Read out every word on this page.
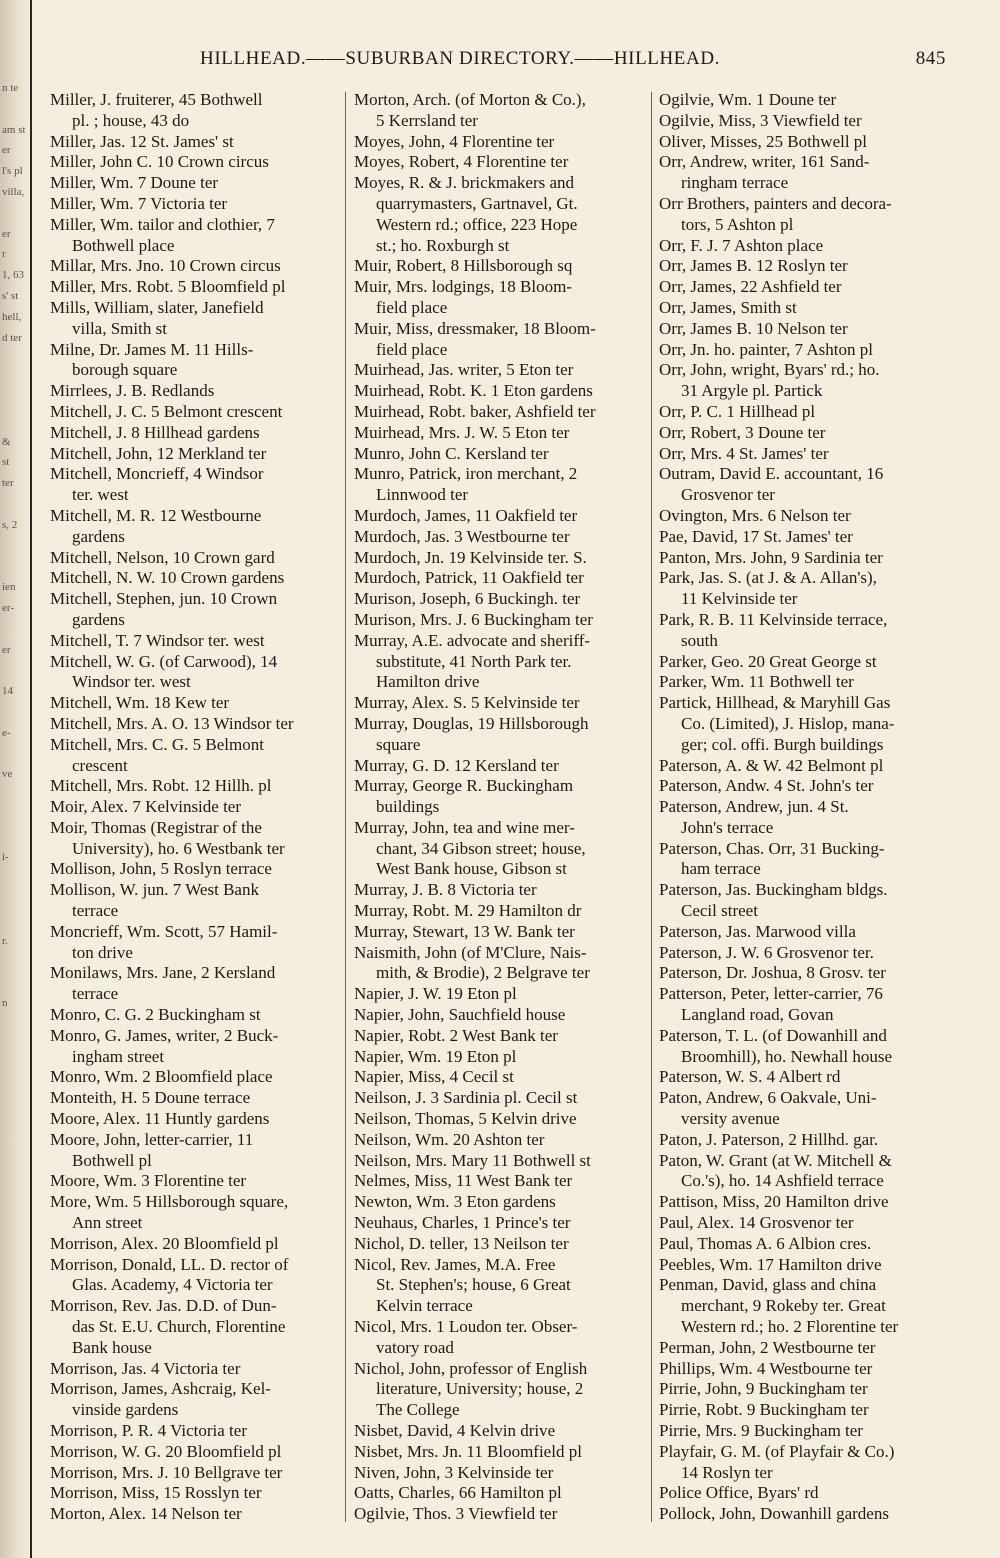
n te
am st
er
l's pl
villa,
er
r
1, 63
s' st
hell,
d ter
&
st
ter
s, 2
ien
er-
er
14
e-
ve
i-
r.
n
HILLHEAD.——SUBURBAN DIRECTORY.——HILLHEAD.	845
Miller, J. fruiterer, 45 Bothwell
pl. ; house, 43 do
Miller, Jas. 12 St. James' st
Miller, John C. 10 Crown circus
Miller, Wm. 7 Doune ter
Miller, Wm. 7 Victoria ter
Miller, Wm. tailor and clothier, 7
Bothwell place
Millar, Mrs. Jno. 10 Crown circus
Miller, Mrs. Robt. 5 Bloomfield pl
Mills, William, slater, Janefield
villa, Smith st
Milne, Dr. James M. 11 Hills-
borough square
Mirrlees, J. B. Redlands
Mitchell, J. C. 5 Belmont crescent
Mitchell, J. 8 Hillhead gardens
Mitchell, John, 12 Merkland ter
Mitchell, Moncrieff, 4 Windsor
ter. west
Mitchell, M. R. 12 Westbourne
gardens
Mitchell, Nelson, 10 Crown gard
Mitchell, N. W. 10 Crown gardens
Mitchell, Stephen, jun. 10 Crown
gardens
Mitchell, T. 7 Windsor ter. west
Mitchell, W. G. (of Carwood), 14
Windsor ter. west
Mitchell, Wm. 18 Kew ter
Mitchell, Mrs. A. O. 13 Windsor ter
Mitchell, Mrs. C. G. 5 Belmont
crescent
Mitchell, Mrs. Robt. 12 Hillh. pl
Moir, Alex. 7 Kelvinside ter
Moir, Thomas (Registrar of the
University), ho. 6 Westbank ter
Mollison, John, 5 Roslyn terrace
Mollison, W. jun. 7 West Bank
terrace
Moncrieff, Wm. Scott, 57 Hamil-
ton drive
Monilaws, Mrs. Jane, 2 Kersland
terrace
Monro, C. G. 2 Buckingham st
Monro, G. James, writer, 2 Buck-
ingham street
Monro, Wm. 2 Bloomfield place
Monteith, H. 5 Doune terrace
Moore, Alex. 11 Huntly gardens
Moore, John, letter-carrier, 11
Bothwell pl
Moore, Wm. 3 Florentine ter
More, Wm. 5 Hillsborough square,
Ann street
Morrison, Alex. 20 Bloomfield pl
Morrison, Donald, LL. D. rector of
Glas. Academy, 4 Victoria ter
Morrison, Rev. Jas. D.D. of Dun-
das St. E.U. Church, Florentine
Bank house
Morrison, Jas. 4 Victoria ter
Morrison, James, Ashcraig, Kel-
vinside gardens
Morrison, P. R. 4 Victoria ter
Morrison, W. G. 20 Bloomfield pl
Morrison, Mrs. J. 10 Bellgrave ter
Morrison, Miss, 15 Rosslyn ter
Morton, Alex. 14 Nelson ter
Morton, Arch. (of Morton & Co.),
5 Kerrsland ter
Moyes, John, 4 Florentine ter
Moyes, Robert, 4 Florentine ter
Moyes, R. & J. brickmakers and
quarrymasters, Gartnavel, Gt.
Western rd.; office, 223 Hope
st.; ho. Roxburgh st
Muir, Robert, 8 Hillsborough sq
Muir, Mrs. lodgings, 18 Bloom-
field place
Muir, Miss, dressmaker, 18 Bloom-
field place
Muirhead, Jas. writer, 5 Eton ter
Muirhead, Robt. K. 1 Eton gardens
Muirhead, Robt. baker, Ashfield ter
Muirhead, Mrs. J. W. 5 Eton ter
Munro, John C. Kersland ter
Munro, Patrick, iron merchant, 2
Linnwood ter
Murdoch, James, 11 Oakfield ter
Murdoch, Jas. 3 Westbourne ter
Murdoch, Jn. 19 Kelvinside ter. S.
Murdoch, Patrick, 11 Oakfield ter
Murison, Joseph, 6 Buckingh. ter
Murison, Mrs. J. 6 Buckingham ter
Murray, A.E. advocate and sheriff-
substitute, 41 North Park ter.
Hamilton drive
Murray, Alex. S. 5 Kelvinside ter
Murray, Douglas, 19 Hillsborough
square
Murray, G. D. 12 Kersland ter
Murray, George R. Buckingham
buildings
Murray, John, tea and wine mer-
chant, 34 Gibson street; house,
West Bank house, Gibson st
Murray, J. B. 8 Victoria ter
Murray, Robt. M. 29 Hamilton dr
Murray, Stewart, 13 W. Bank ter
Naismith, John (of M'Clure, Nais-
mith, & Brodie), 2 Belgrave ter
Napier, J. W. 19 Eton pl
Napier, John, Sauchfield house
Napier, Robt. 2 West Bank ter
Napier, Wm. 19 Eton pl
Napier, Miss, 4 Cecil st
Neilson, J. 3 Sardinia pl. Cecil st
Neilson, Thomas, 5 Kelvin drive
Neilson, Wm. 20 Ashton ter
Neilson, Mrs. Mary 11 Bothwell st
Nelmes, Miss, 11 West Bank ter
Newton, Wm. 3 Eton gardens
Neuhaus, Charles, 1 Prince's ter
Nichol, D. teller, 13 Neilson ter
Nicol, Rev. James, M.A. Free
St. Stephen's; house, 6 Great
Kelvin terrace
Nicol, Mrs. 1 Loudon ter. Obser-
vatory road
Nichol, John, professor of English
literature, University; house, 2
The College
Nisbet, David, 4 Kelvin drive
Nisbet, Mrs. Jn. 11 Bloomfield pl
Niven, John, 3 Kelvinside ter
Oatts, Charles, 66 Hamilton pl
Ogilvie, Thos. 3 Viewfield ter
Ogilvie, Wm. 1 Doune ter
Ogilvie, Miss, 3 Viewfield ter
Oliver, Misses, 25 Bothwell pl
Orr, Andrew, writer, 161 Sand-
ringham terrace
Orr Brothers, painters and decora-
tors, 5 Ashton pl
Orr, F. J. 7 Ashton place
Orr, James B. 12 Roslyn ter
Orr, James, 22 Ashfield ter
Orr, James, Smith st
Orr, James B. 10 Nelson ter
Orr, Jn. ho. painter, 7 Ashton pl
Orr, John, wright, Byars' rd.; ho.
31 Argyle pl. Partick
Orr, P. C. 1 Hillhead pl
Orr, Robert, 3 Doune ter
Orr, Mrs. 4 St. James' ter
Outram, David E. accountant, 16
Grosvenor ter
Ovington, Mrs. 6 Nelson ter
Pae, David, 17 St. James' ter
Panton, Mrs. John, 9 Sardinia ter
Park, Jas. S. (at J. & A. Allan's),
11 Kelvinside ter
Park, R. B. 11 Kelvinside terrace,
south
Parker, Geo. 20 Great George st
Parker, Wm. 11 Bothwell ter
Partick, Hillhead, & Maryhill Gas
Co. (Limited), J. Hislop, mana-
ger; col. offi. Burgh buildings
Paterson, A. & W. 42 Belmont pl
Paterson, Andw. 4 St. John's ter
Paterson, Andrew, jun. 4 St.
John's terrace
Paterson, Chas. Orr, 31 Bucking-
ham terrace
Paterson, Jas. Buckingham bldgs.
Cecil street
Paterson, Jas. Marwood villa
Paterson, J. W. 6 Grosvenor ter.
Paterson, Dr. Joshua, 8 Grosv. ter
Patterson, Peter, letter-carrier, 76
Langland road, Govan
Paterson, T. L. (of Dowanhill and
Broomhill), ho. Newhall house
Paterson, W. S. 4 Albert rd
Paton, Andrew, 6 Oakvale, Uni-
versity avenue
Paton, J. Paterson, 2 Hillhd. gar.
Paton, W. Grant (at W. Mitchell &
Co.'s), ho. 14 Ashfield terrace
Pattison, Miss, 20 Hamilton drive
Paul, Alex. 14 Grosvenor ter
Paul, Thomas A. 6 Albion cres.
Peebles, Wm. 17 Hamilton drive
Penman, David, glass and china
merchant, 9 Rokeby ter. Great
Western rd.; ho. 2 Florentine ter
Perman, John, 2 Westbourne ter
Phillips, Wm. 4 Westbourne ter
Pirrie, John, 9 Buckingham ter
Pirrie, Robt. 9 Buckingham ter
Pirrie, Mrs. 9 Buckingham ter
Playfair, G. M. (of Playfair & Co.)
14 Roslyn ter
Police Office, Byars' rd
Pollock, John, Dowanhill gardens
